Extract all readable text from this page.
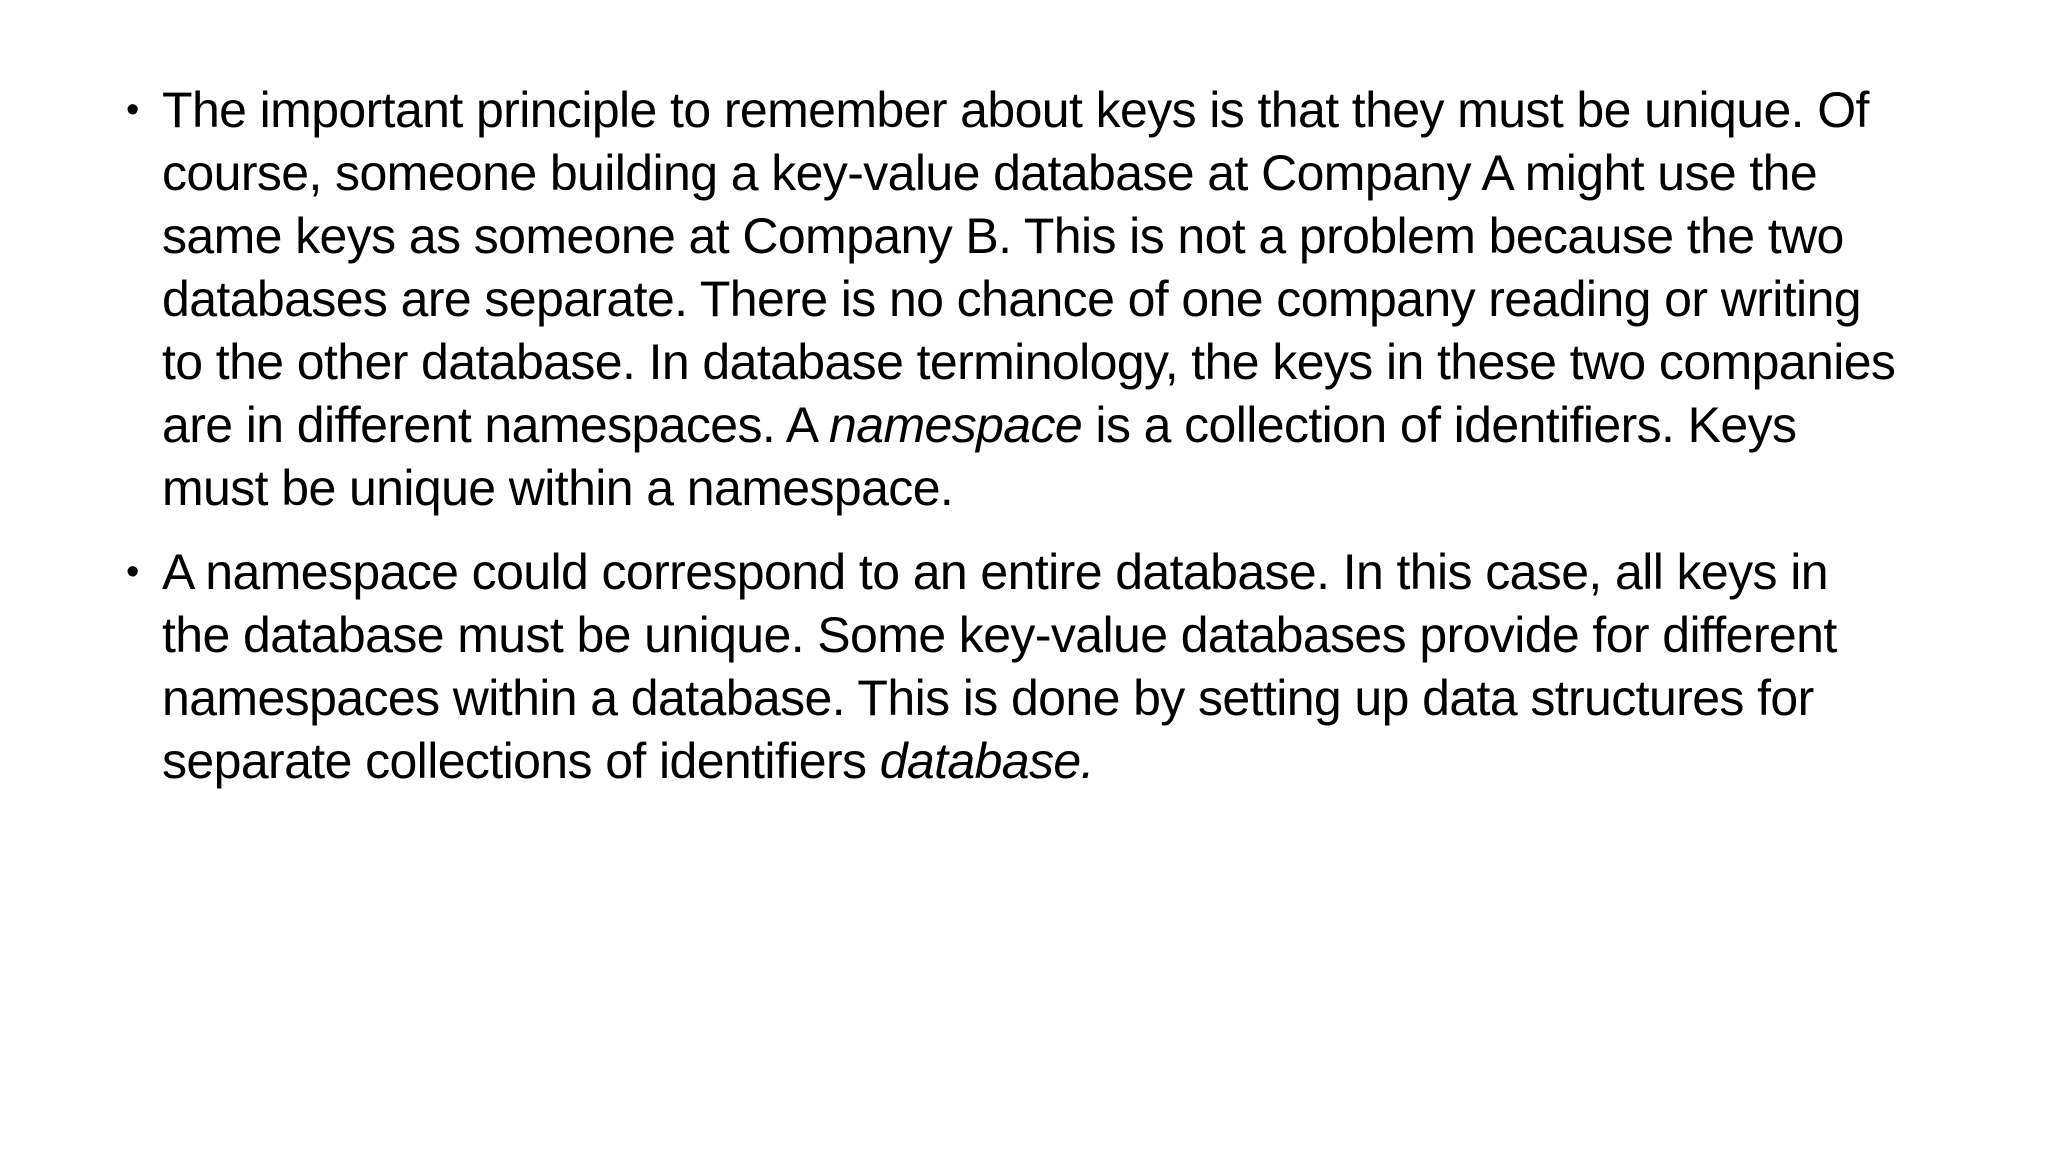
• The important principle to remember about keys is that they must be unique. Of course, someone building a key-value database at Company A might use the same keys as someone at Company B. This is not a problem because the two databases are separate. There is no chance of one company reading or writing to the other database. In database terminology, the keys in these two companies are in different namespaces. A namespace is a collection of identifiers. Keys must be unique within a namespace.
• A namespace could correspond to an entire database. In this case, all keys in the database must be unique. Some key-value databases provide for different namespaces within a database. This is done by setting up data structures for separate collections of identifiers database.
